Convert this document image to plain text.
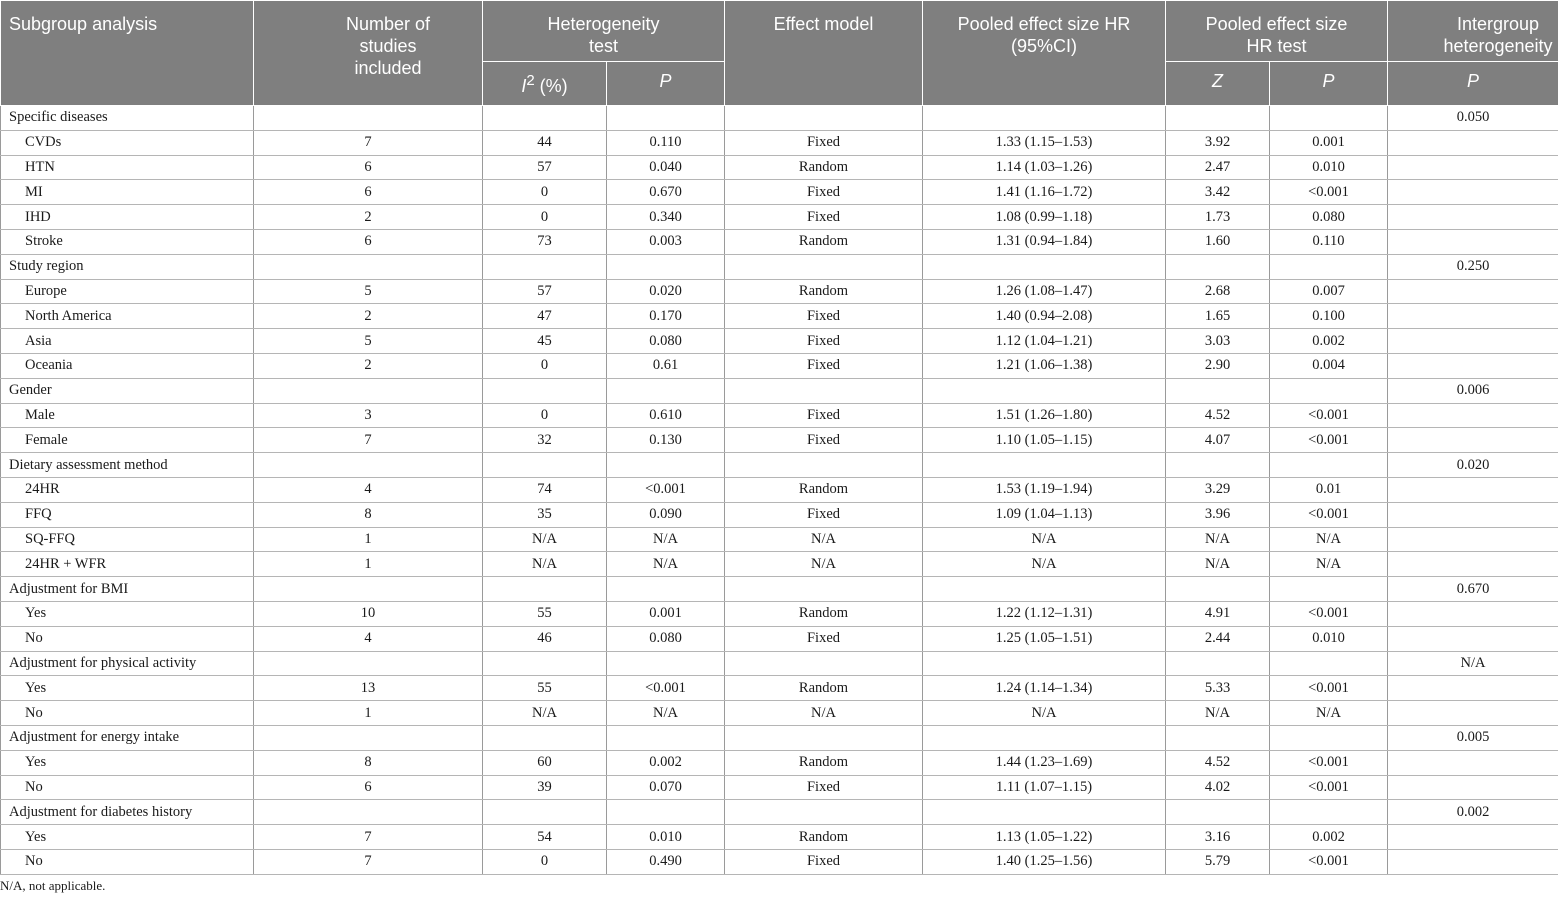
Subgroup analysis	Number of studies included	Heterogeneity test		Effect model	Pooled effect size HR (95%CI)	Pooled effect size HR test		Intergroup heterogeneity
		$I^2$ (%)	P			Z	P	P
Specific diseases								0.050
CVDs	7	44	0.110	Fixed	1.33 (1.15–1.53)	3.92	0.001	
HTN	6	57	0.040	Random	1.14 (1.03–1.26)	2.47	0.010	
MI	6	0	0.670	Fixed	1.41 (1.16–1.72)	3.42	<0.001	
IHD	2	0	0.340	Fixed	1.08 (0.99–1.18)	1.73	0.080	
Stroke	6	73	0.003	Random	1.31 (0.94–1.84)	1.60	0.110	
Study region								0.250
Europe	5	57	0.020	Random	1.26 (1.08–1.47)	2.68	0.007	
North America	2	47	0.170	Fixed	1.40 (0.94–2.08)	1.65	0.100	
Asia	5	45	0.080	Fixed	1.12 (1.04–1.21)	3.03	0.002	
Oceania	2	0	0.61	Fixed	1.21 (1.06–1.38)	2.90	0.004	
Gender								0.006
Male	3	0	0.610	Fixed	1.51 (1.26–1.80)	4.52	<0.001	
Female	7	32	0.130	Fixed	1.10 (1.05–1.15)	4.07	<0.001	
Dietary assessment method								0.020
24HR	4	74	<0.001	Random	1.53 (1.19–1.94)	3.29	0.01	
FFQ	8	35	0.090	Fixed	1.09 (1.04–1.13)	3.96	<0.001	
SQ-FFQ	1	N/A	N/A	N/A	N/A	N/A	N/A	
24HR + WFR	1	N/A	N/A	N/A	N/A	N/A	N/A	
Adjustment for BMI								0.670
Yes	10	55	0.001	Random	1.22 (1.12–1.31)	4.91	<0.001	
No	4	46	0.080	Fixed	1.25 (1.05–1.51)	2.44	0.010	
Adjustment for physical activity								N/A
Yes	13	55	<0.001	Random	1.24 (1.14–1.34)	5.33	<0.001	
No	1	N/A	N/A	N/A	N/A	N/A	N/A	
Adjustment for energy intake								0.005
Yes	8	60	0.002	Random	1.44 (1.23–1.69)	4.52	<0.001	
No	6	39	0.070	Fixed	1.11 (1.07–1.15)	4.02	<0.001	
Adjustment for diabetes history								0.002
Yes	7	54	0.010	Random	1.13 (1.05–1.22)	3.16	0.002	
No	7	0	0.490	Fixed	1.40 (1.25–1.56)	5.79	<0.001	
N/A, not applicable.
